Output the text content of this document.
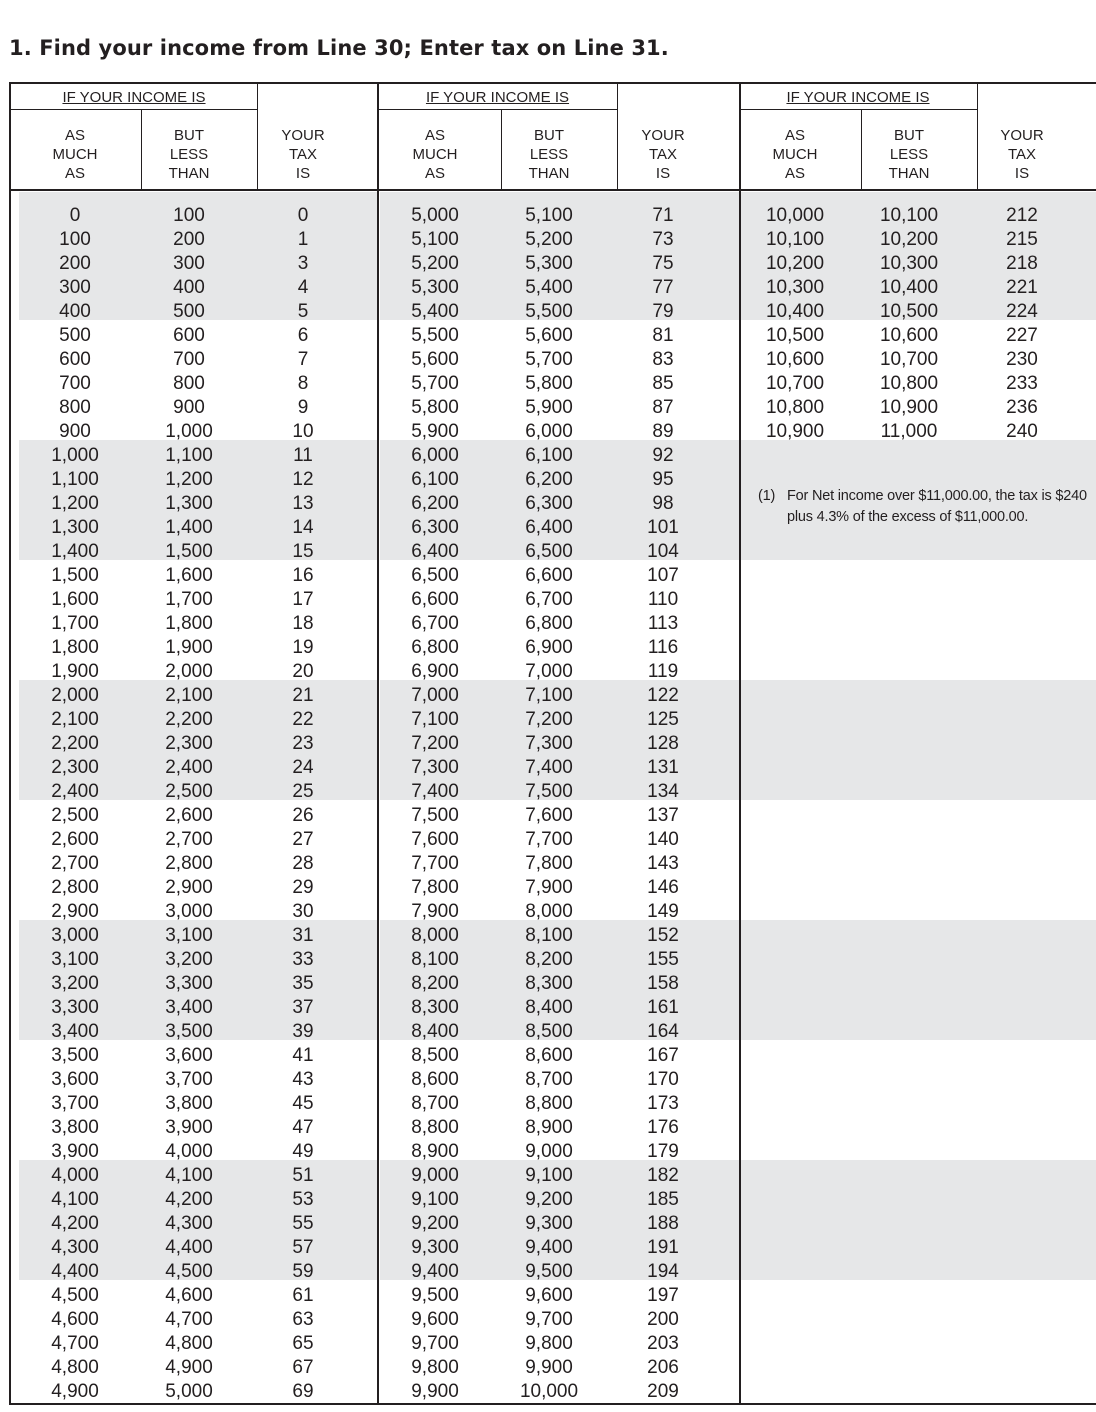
1. Find your income from Line 30; Enter tax on Line 31.
IF YOUR INCOME IS
AS
MUCH
AS
BUT
LESS
THAN
YOUR
TAX
IS
IF YOUR INCOME IS
AS
MUCH
AS
BUT
LESS
THAN
YOUR
TAX
IS
IF YOUR INCOME IS
AS
MUCH
AS
BUT
LESS
THAN
YOUR
TAX
IS
0	100	0
100	200	1
200	300	3
300	400	4
400	500	5
500	600	6
600	700	7
700	800	8
800	900	9
900	1,000	10
1,000	1,100	11
1,100	1,200	12
1,200	1,300	13
1,300	1,400	14
1,400	1,500	15
1,500	1,600	16
1,600	1,700	17
1,700	1,800	18
1,800	1,900	19
1,900	2,000	20
2,000	2,100	21
2,100	2,200	22
2,200	2,300	23
2,300	2,400	24
2,400	2,500	25
2,500	2,600	26
2,600	2,700	27
2,700	2,800	28
2,800	2,900	29
2,900	3,000	30
3,000	3,100	31
3,100	3,200	33
3,200	3,300	35
3,300	3,400	37
3,400	3,500	39
3,500	3,600	41
3,600	3,700	43
3,700	3,800	45
3,800	3,900	47
3,900	4,000	49
4,000	4,100	51
4,100	4,200	53
4,200	4,300	55
4,300	4,400	57
4,400	4,500	59
4,500	4,600	61
4,600	4,700	63
4,700	4,800	65
4,800	4,900	67
4,900	5,000	69
5,000	5,100	71
5,100	5,200	73
5,200	5,300	75
5,300	5,400	77
5,400	5,500	79
5,500	5,600	81
5,600	5,700	83
5,700	5,800	85
5,800	5,900	87
5,900	6,000	89
6,000	6,100	92
6,100	6,200	95
6,200	6,300	98
6,300	6,400	101
6,400	6,500	104
6,500	6,600	107
6,600	6,700	110
6,700	6,800	113
6,800	6,900	116
6,900	7,000	119
7,000	7,100	122
7,100	7,200	125
7,200	7,300	128
7,300	7,400	131
7,400	7,500	134
7,500	7,600	137
7,600	7,700	140
7,700	7,800	143
7,800	7,900	146
7,900	8,000	149
8,000	8,100	152
8,100	8,200	155
8,200	8,300	158
8,300	8,400	161
8,400	8,500	164
8,500	8,600	167
8,600	8,700	170
8,700	8,800	173
8,800	8,900	176
8,900	9,000	179
9,000	9,100	182
9,100	9,200	185
9,200	9,300	188
9,300	9,400	191
9,400	9,500	194
9,500	9,600	197
9,600	9,700	200
9,700	9,800	203
9,800	9,900	206
9,900	10,000	209
10,000	10,100	212
10,100	10,200	215
10,200	10,300	218
10,300	10,400	221
10,400	10,500	224
10,500	10,600	227
10,600	10,700	230
10,700	10,800	233
10,800	10,900	236
10,900	11,000	240
(1) For Net income over $11,000.00, the tax is $240 plus 4.3% of the excess of $11,000.00.
